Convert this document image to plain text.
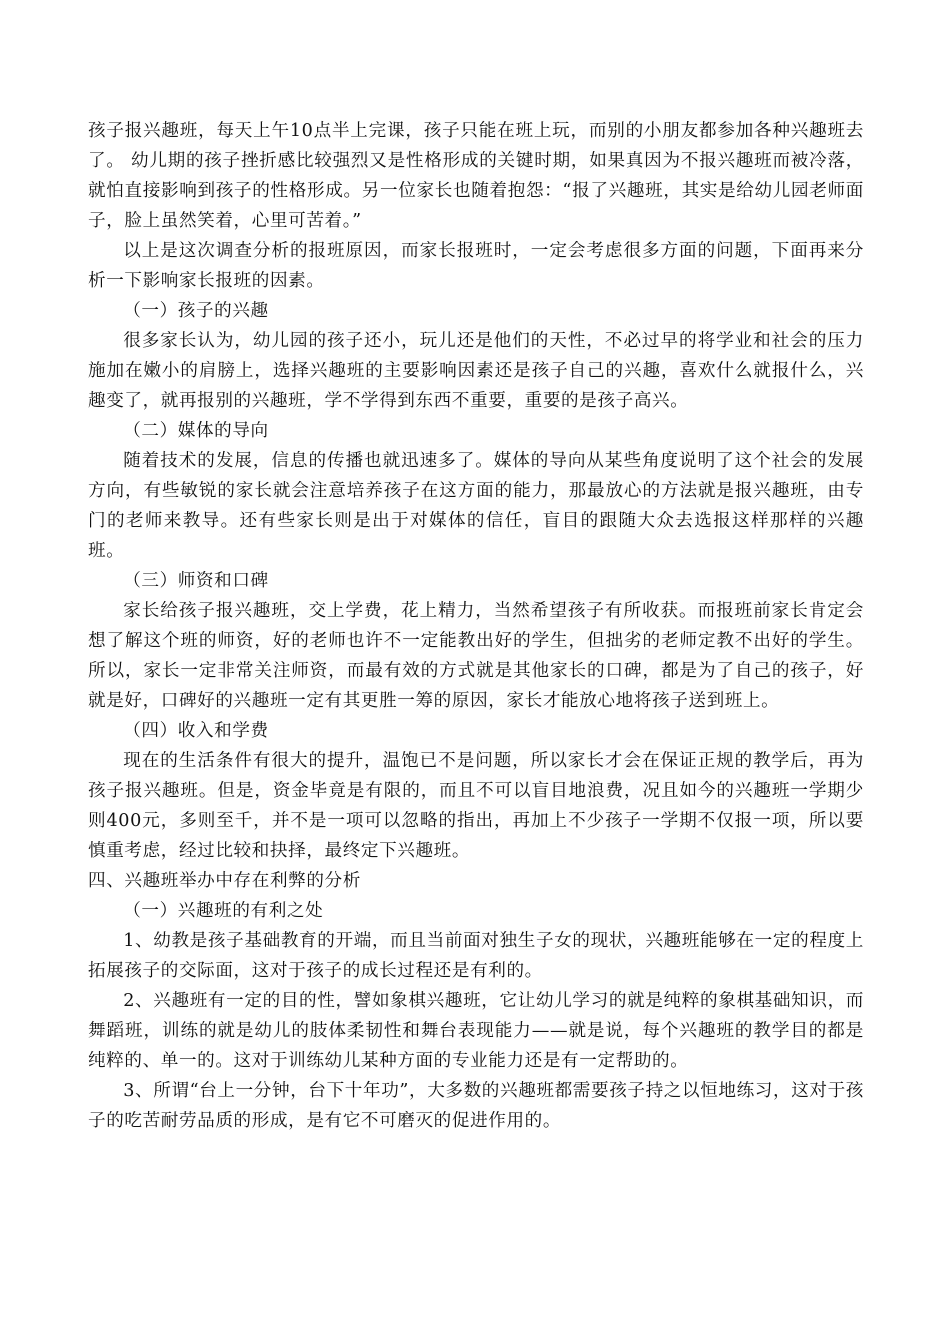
孩子报兴趣班，每天上午10点半上完课，孩子只能在班上玩，而别的小朋友都参加各种兴趣班去了。 幼儿期的孩子挫折感比较强烈又是性格形成的关键时期，如果真因为不报兴趣班而被冷落，就怕直接影响到孩子的性格形成。另一位家长也随着抱怨：“报了兴趣班，其实是给幼儿园老师面子，脸上虽然笑着，心里可苦着。”

以上是这次调查分析的报班原因，而家长报班时，一定会考虑很多方面的问题，下面再来分析一下影响家长报班的因素。

（一）孩子的兴趣

很多家长认为，幼儿园的孩子还小，玩儿还是他们的天性，不必过早的将学业和社会的压力施加在嫩小的肩膀上，选择兴趣班的主要影响因素还是孩子自己的兴趣，喜欢什么就报什么，兴趣变了，就再报别的兴趣班，学不学得到东西不重要，重要的是孩子高兴。

（二）媒体的导向

随着技术的发展，信息的传播也就迅速多了。媒体的导向从某些角度说明了这个社会的发展方向，有些敏锐的家长就会注意培养孩子在这方面的能力，那最放心的方法就是报兴趣班，由专门的老师来教导。还有些家长则是出于对媒体的信任，盲目的跟随大众去选报这样那样的兴趣班。

（三）师资和口碑

家长给孩子报兴趣班，交上学费，花上精力，当然希望孩子有所收获。而报班前家长肯定会想了解这个班的师资，好的老师也许不一定能教出好的学生，但拙劣的老师定教不出好的学生。所以，家长一定非常关注师资，而最有效的方式就是其他家长的口碑，都是为了自己的孩子，好就是好，口碑好的兴趣班一定有其更胜一筹的原因，家长才能放心地将孩子送到班上。

（四）收入和学费

现在的生活条件有很大的提升，温饱已不是问题，所以家长才会在保证正规的教学后，再为孩子报兴趣班。但是，资金毕竟是有限的，而且不可以盲目地浪费，况且如今的兴趣班一学期少则400元，多则至千，并不是一项可以忽略的指出，再加上不少孩子一学期不仅报一项，所以要慎重考虑，经过比较和抉择，最终定下兴趣班。

四、兴趣班举办中存在利弊的分析

（一）兴趣班的有利之处

1、幼教是孩子基础教育的开端，而且当前面对独生子女的现状，兴趣班能够在一定的程度上拓展孩子的交际面，这对于孩子的成长过程还是有利的。

2、兴趣班有一定的目的性，譬如象棋兴趣班，它让幼儿学习的就是纯粹的象棋基础知识，而舞蹈班，训练的就是幼儿的肢体柔韧性和舞台表现能力——就是说，每个兴趣班的教学目的都是纯粹的、单一的。这对于训练幼儿某种方面的专业能力还是有一定帮助的。

3、所谓“台上一分钟，台下十年功”，大多数的兴趣班都需要孩子持之以恒地练习，这对于孩子的吃苦耐劳品质的形成，是有它不可磨灭的促进作用的。
